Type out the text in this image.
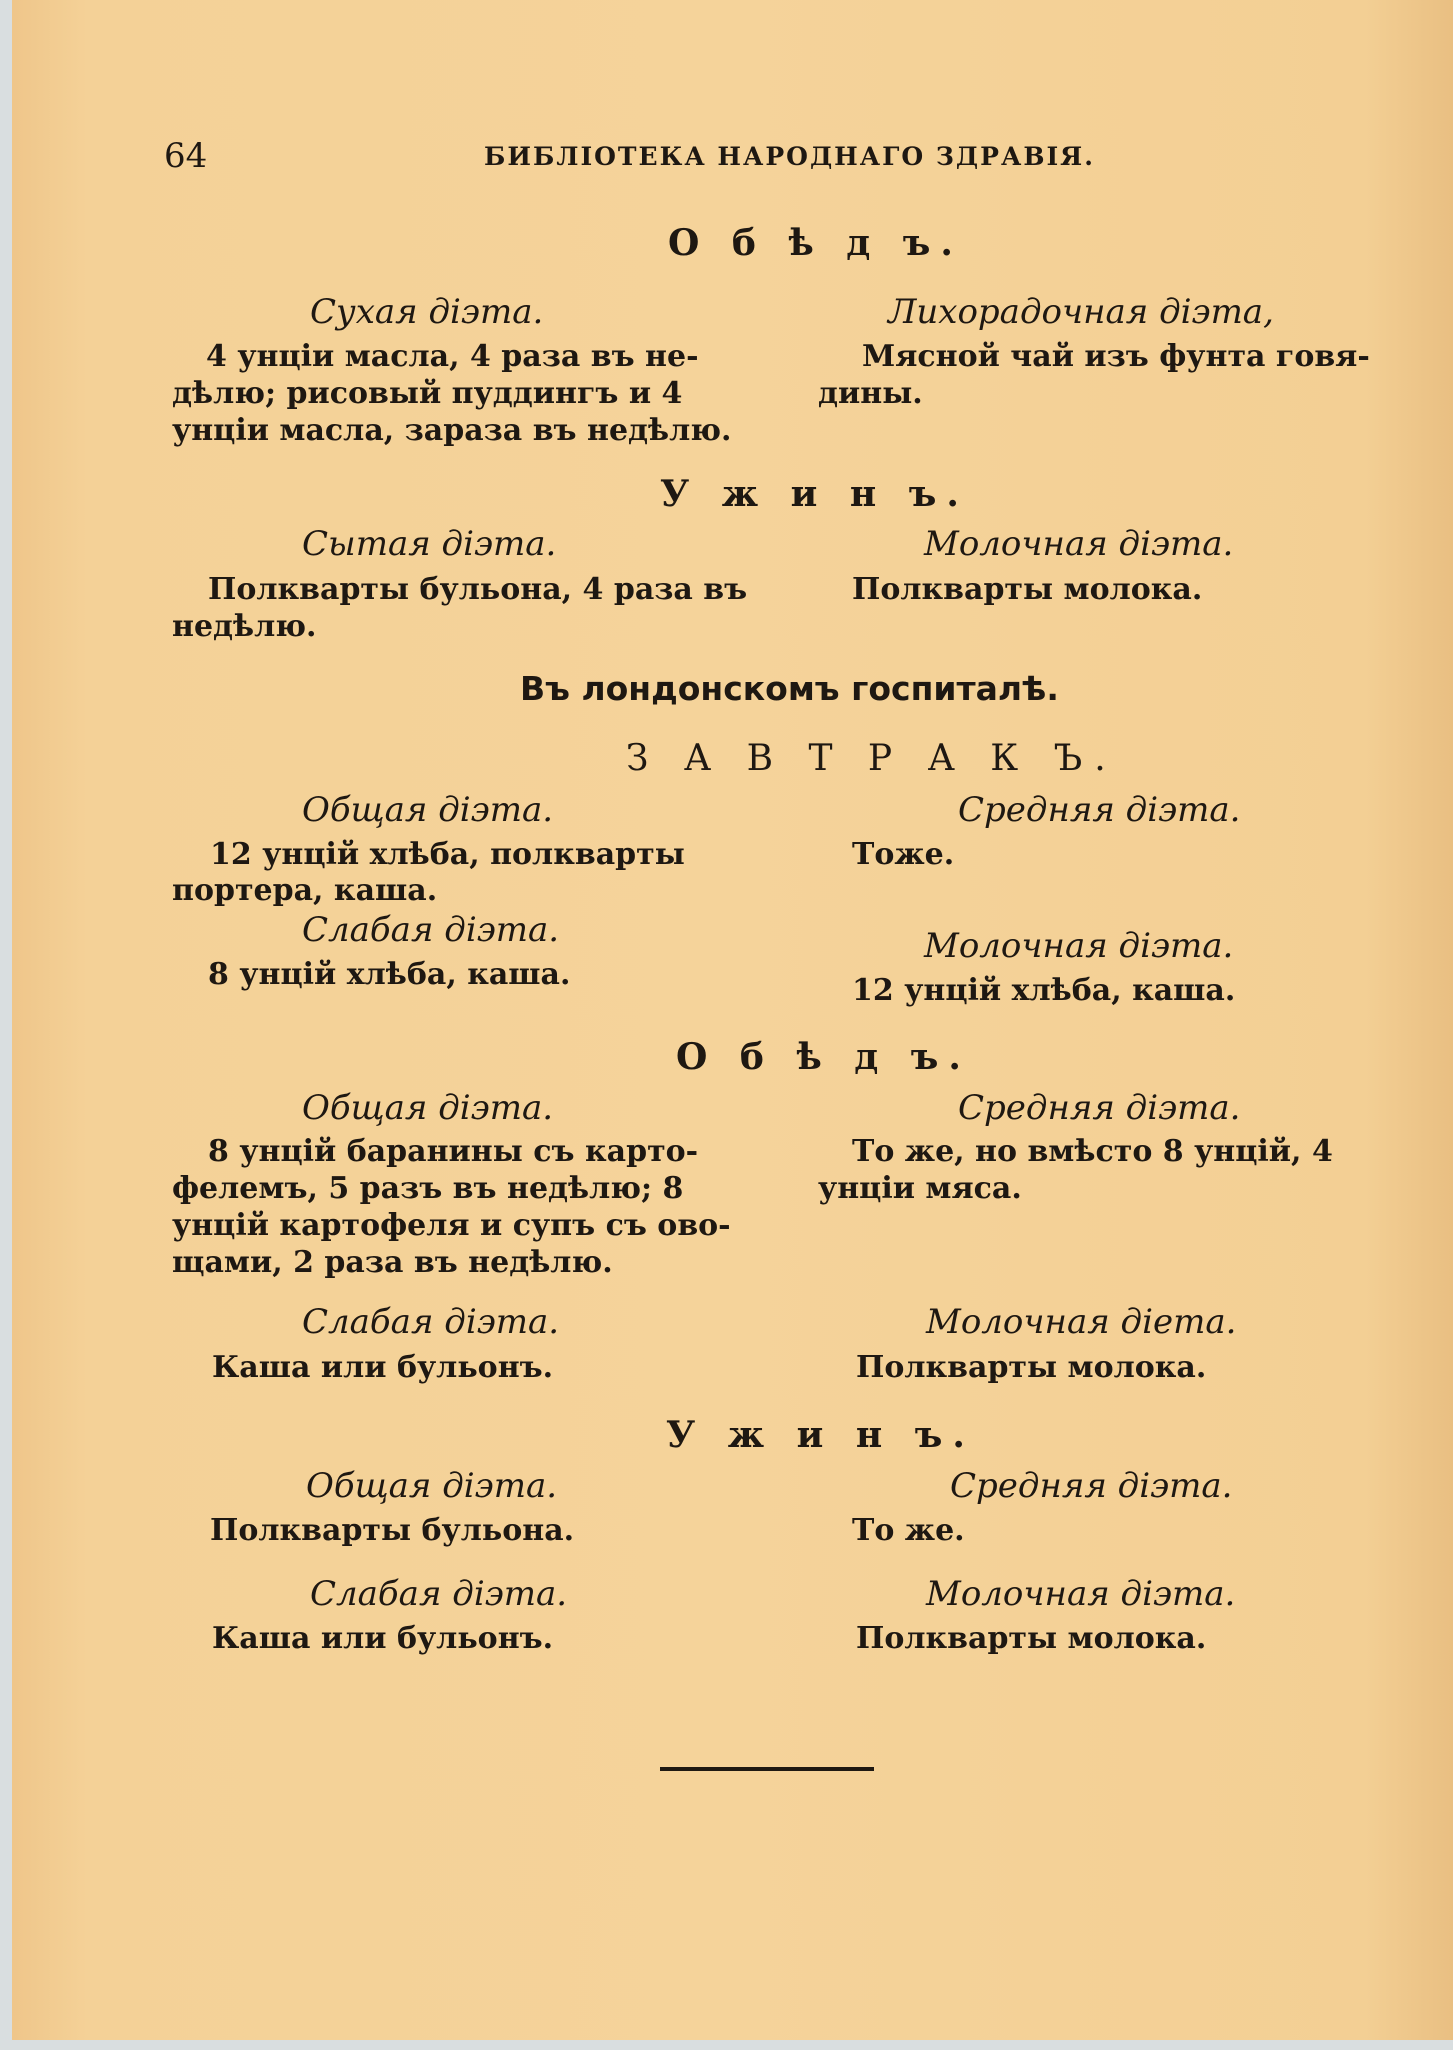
64	БИБЛIОТЕКА НАРОДНАГО ЗДРАВIЯ.
О б ѣ д ъ.
Сухая дiэта.
4 унцiи масла, 4 раза въ не-
дѣлю; рисовый пуддингъ и 4
унцiи масла, зараза въ недѣлю.
Лихорадочная дiэта,
Мясной чай изъ фунта говя-
дины.
У ж и н ъ.
Сытая дiэта.
Полкварты бульона, 4 раза въ
недѣлю.
Молочная дiэта.
Полкварты молока.
Въ лондонскомъ госпиталѣ.
З А В Т Р А К Ъ.
Общая дiэта.
12 унцiй хлѣба, полкварты
портера, каша.
Слабая дiэта.
8 унцiй хлѣба, каша.
Средняя дiэта.
Тоже.
Молочная дiэта.
12 унцiй хлѣба, каша.
О б ѣ д ъ.
Общая дiэта.
8 унцiй баранины съ карто-
фелемъ, 5 разъ въ недѣлю; 8
унцiй картофеля и супъ съ ово-
щами, 2 раза въ недѣлю.
Слабая дiэта.
Каша или бульонъ.
Средняя дiэта.
То же, но вмѣсто 8 унцiй, 4
унцiи мяса.
Молочная дiета.
Полкварты молока.
У ж и н ъ.
Общая дiэта.
Полкварты бульона.
Слабая дiэта.
Каша или бульонъ.
Средняя дiэта.
То же.
Молочная дiэта.
Полкварты молока.
